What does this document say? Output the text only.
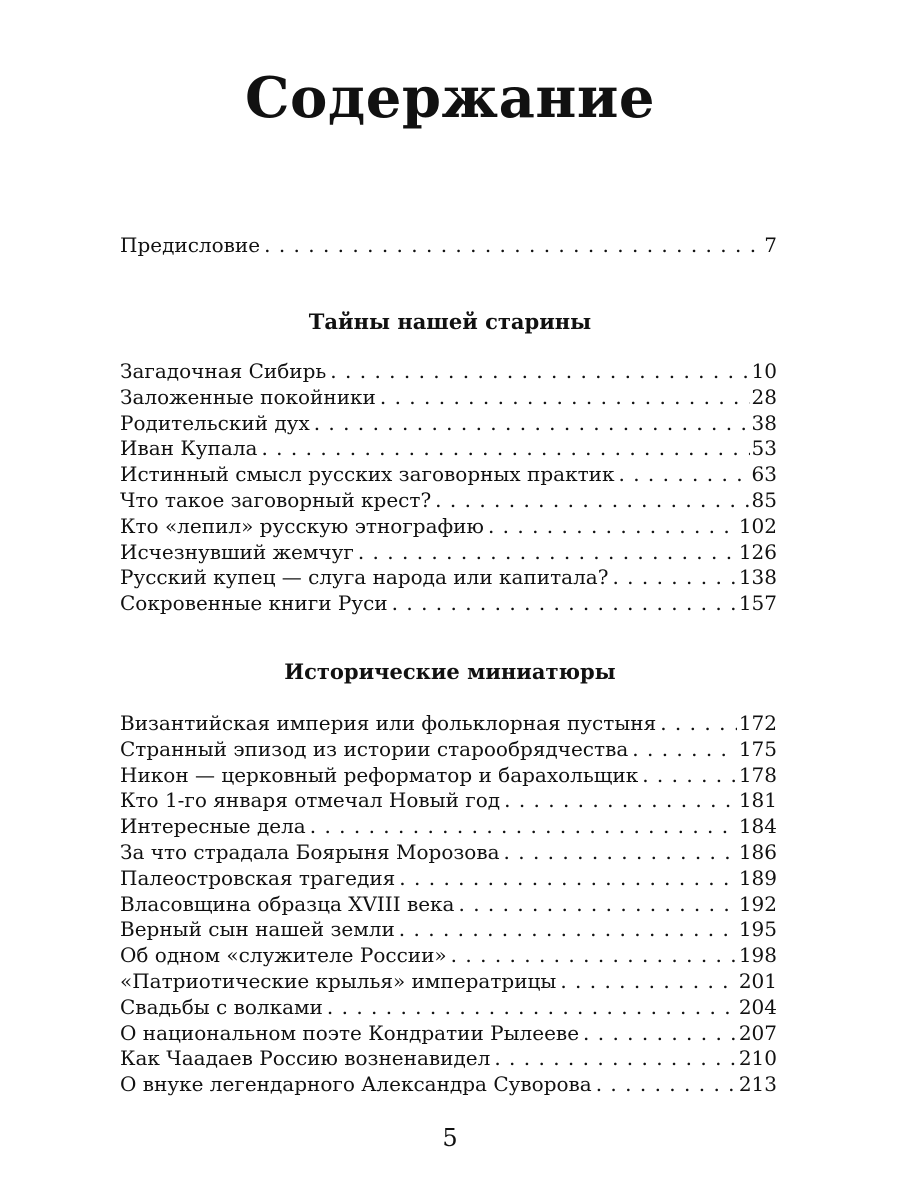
Содержание
Предисловие . . .	7
Тайны нашей старины
Загадочная Сибирь . . .	10
Заложенные покойники . . .	28
Родительский дух . . .	38
Иван Купала . . .	53
Истинный смысл русских заговорных практик . . .	63
Что такое заговорный крест? . . .	85
Кто «лепил» русскую этнографию . . .	102
Исчезнувший жемчуг . . .	126
Русский купец — слуга народа или капитала? . . .	138
Сокровенные книги Руси . . .	157
Исторические миниатюры
Византийская империя или фольклорная пустыня . . .	172
Странный эпизод из истории старообрядчества . . .	175
Никон — церковный реформатор и барахольщик . . .	178
Кто 1-го января отмечал Новый год . . .	181
Интересные дела . . .	184
За что страдала Боярыня Морозова . . .	186
Палеостровская трагедия . . .	189
Власовщина образца XVIII века . . .	192
Верный сын нашей земли . . .	195
Об одном «служителе России» . . .	198
«Патриотические крылья» императрицы . . .	201
Свадьбы с волками . . .	204
О национальном поэте Кондратии Рылееве . . .	207
Как Чаадаев Россию возненавидел . . .	210
О внуке легендарного Александра Суворова . . .	213
5
